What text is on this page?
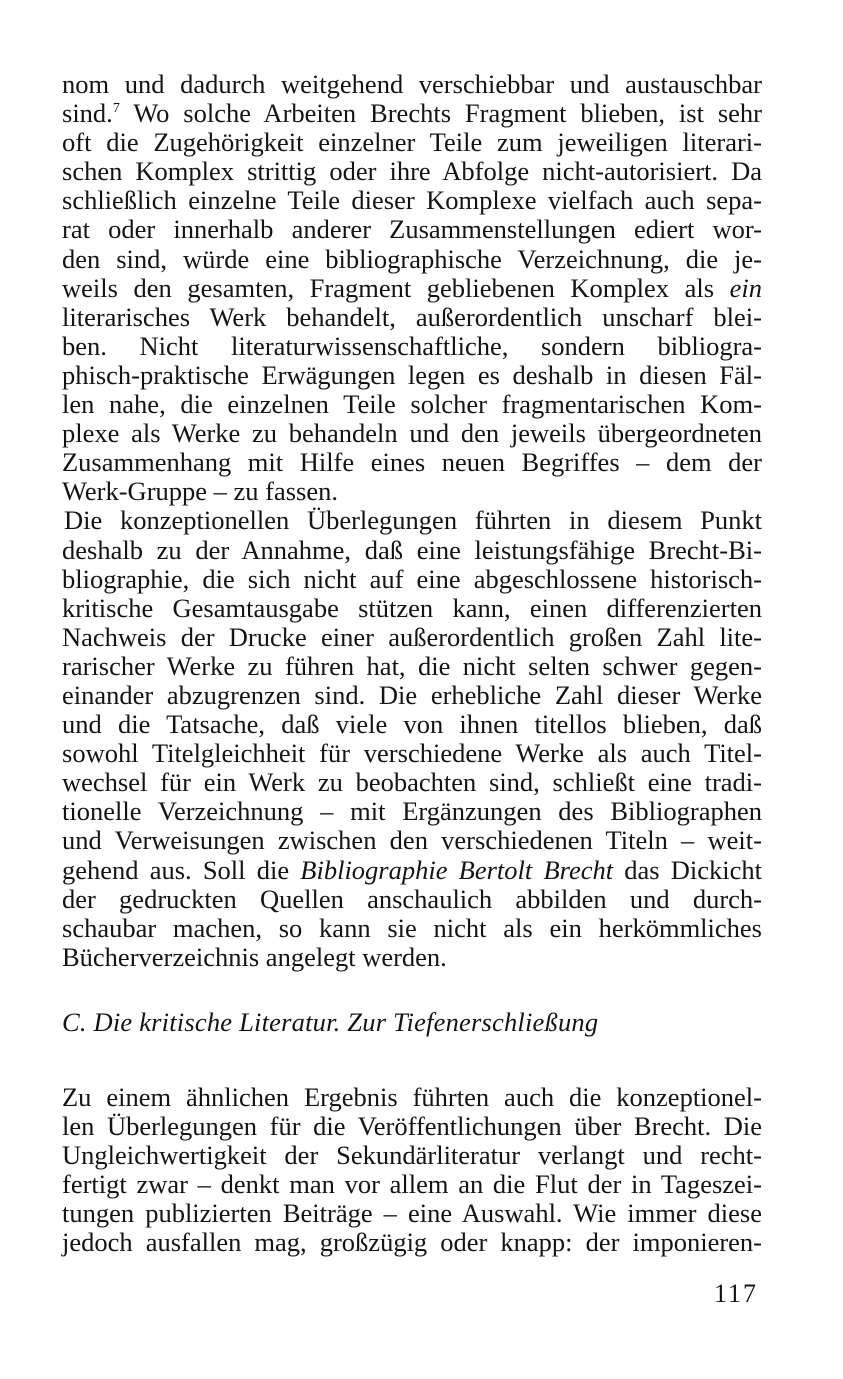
nom und dadurch weitgehend verschiebbar und austauschbar
sind.$^7$ Wo solche Arbeiten Brechts Fragment blieben, ist sehr
oft die Zugehörigkeit einzelner Teile zum jeweiligen literari-
schen Komplex strittig oder ihre Abfolge nicht-autorisiert. Da
schließlich einzelne Teile dieser Komplexe vielfach auch sepa-
rat oder innerhalb anderer Zusammenstellungen ediert wor-
den sind, würde eine bibliographische Verzeichnung, die je-
weils den gesamten, Fragment gebliebenen Komplex als ein
literarisches Werk behandelt, außerordentlich unscharf blei-
ben. Nicht literaturwissenschaftliche, sondern bibliogra-
phisch-praktische Erwägungen legen es deshalb in diesen Fäl-
len nahe, die einzelnen Teile solcher fragmentarischen Kom-
plexe als Werke zu behandeln und den jeweils übergeordneten
Zusammenhang mit Hilfe eines neuen Begriffes – dem der
Werk-Gruppe – zu fassen.
Die konzeptionellen Überlegungen führten in diesem Punkt
deshalb zu der Annahme, daß eine leistungsfähige Brecht-Bi-
bliographie, die sich nicht auf eine abgeschlossene historisch-
kritische Gesamtausgabe stützen kann, einen differenzierten
Nachweis der Drucke einer außerordentlich großen Zahl lite-
rarischer Werke zu führen hat, die nicht selten schwer gegen-
einander abzugrenzen sind. Die erhebliche Zahl dieser Werke
und die Tatsache, daß viele von ihnen titellos blieben, daß
sowohl Titelgleichheit für verschiedene Werke als auch Titel-
wechsel für ein Werk zu beobachten sind, schließt eine tradi-
tionelle Verzeichnung – mit Ergänzungen des Bibliographen
und Verweisungen zwischen den verschiedenen Titeln – weit-
gehend aus. Soll die Bibliographie Bertolt Brecht das Dickicht
der gedruckten Quellen anschaulich abbilden und durch-
schaubar machen, so kann sie nicht als ein herkömmliches
Bücherverzeichnis angelegt werden.
C. Die kritische Literatur. Zur Tiefenerschließung
Zu einem ähnlichen Ergebnis führten auch die konzeptionel-
len Überlegungen für die Veröffentlichungen über Brecht. Die
Ungleichwertigkeit der Sekundärliteratur verlangt und recht-
fertigt zwar – denkt man vor allem an die Flut der in Tageszei-
tungen publizierten Beiträge – eine Auswahl. Wie immer diese
jedoch ausfallen mag, großzügig oder knapp: der imponieren-
117
